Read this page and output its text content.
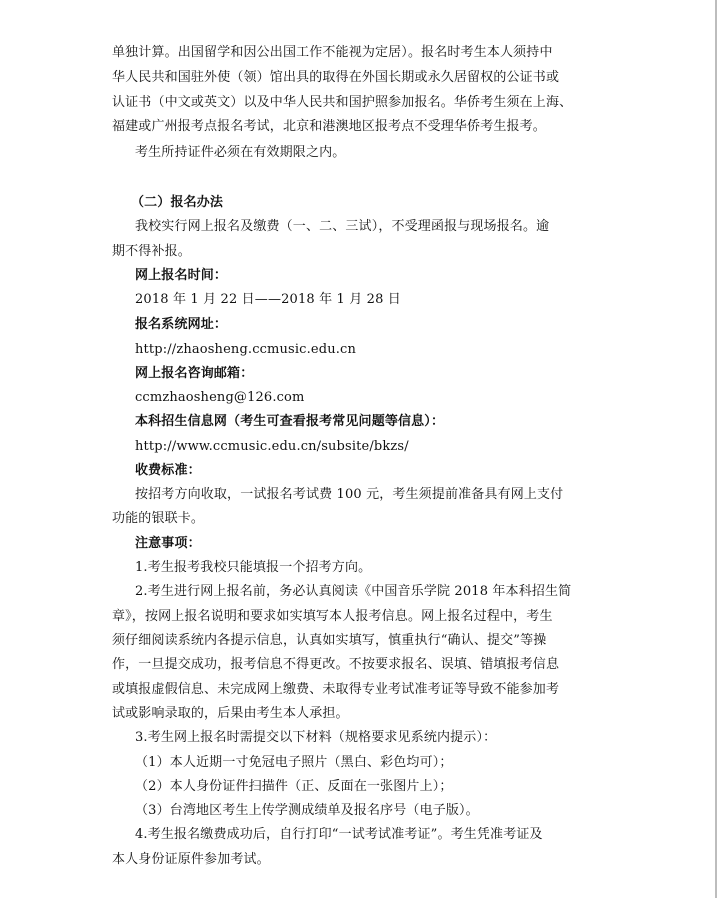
单独计算。出国留学和因公出国工作不能视为定居）。报名时考生本人须持中
华人民共和国驻外使（领）馆出具的取得在外国长期或永久居留权的公证书或
认证书（中文或英文）以及中华人民共和国护照参加报名。华侨考生须在上海、
福建或广州报考点报名考试，北京和港澳地区报考点不受理华侨考生报考。
考生所持证件必须在有效期限之内。
（二）报名办法
我校实行网上报名及缴费（一、二、三试），不受理函报与现场报名。逾
期不得补报。
网上报名时间：
2018 年 1 月 22 日——2018 年 1 月 28 日
报名系统网址：
http://zhaosheng.ccmusic.edu.cn
网上报名咨询邮箱：
ccmzhaosheng@126.com
本科招生信息网（考生可查看报考常见问题等信息）：
http://www.ccmusic.edu.cn/subsite/bkzs/
收费标准：
按招考方向收取，一试报名考试费 100 元，考生须提前准备具有网上支付
功能的银联卡。
注意事项：
1.考生报考我校只能填报一个招考方向。
2.考生进行网上报名前，务必认真阅读《中国音乐学院 2018 年本科招生简
章》，按网上报名说明和要求如实填写本人报考信息。网上报名过程中，考生
须仔细阅读系统内各提示信息，认真如实填写，慎重执行“确认、提交”等操
作，一旦提交成功，报考信息不得更改。不按要求报名、误填、错填报考信息
或填报虚假信息、未完成网上缴费、未取得专业考试准考证等导致不能参加考
试或影响录取的，后果由考生本人承担。
3.考生网上报名时需提交以下材料（规格要求见系统内提示）：
（1）本人近期一寸免冠电子照片（黑白、彩色均可）；
（2）本人身份证件扫描件（正、反面在一张图片上）；
（3）台湾地区考生上传学测成绩单及报名序号（电子版）。
4.考生报名缴费成功后，自行打印“一试考试准考证”。考生凭准考证及
本人身份证原件参加考试。
